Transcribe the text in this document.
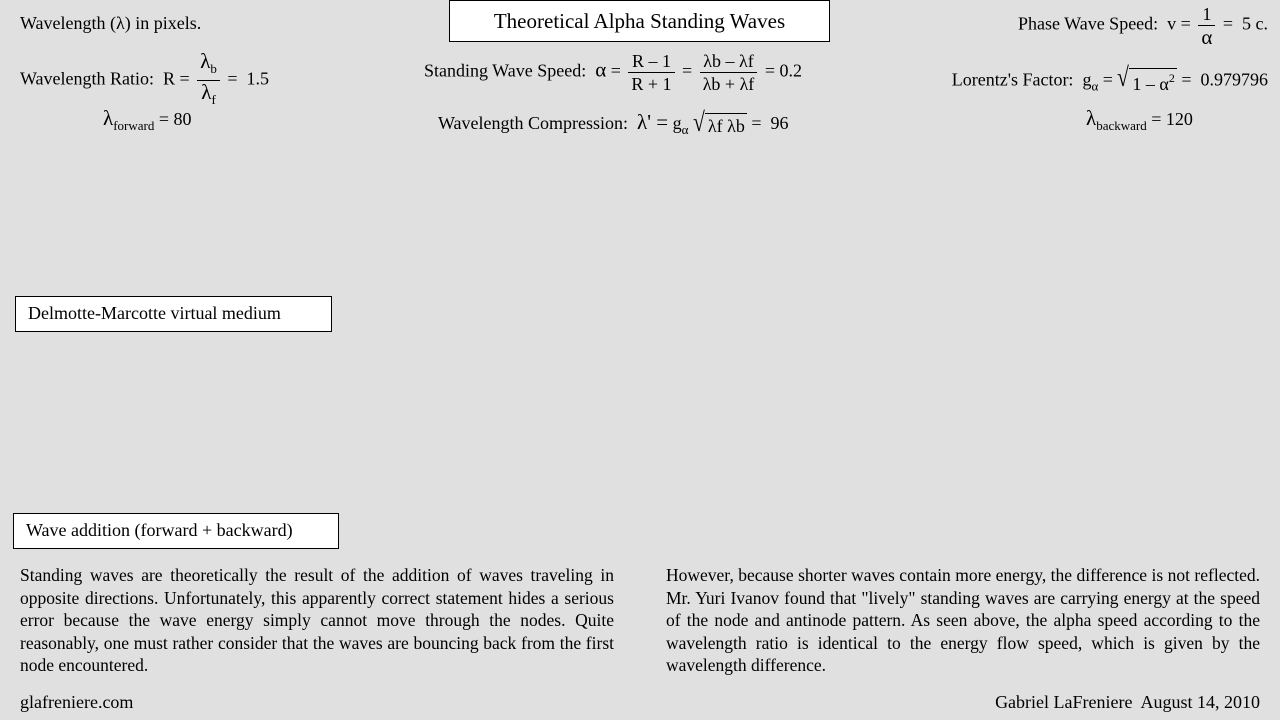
Theoretical Alpha Standing Waves
Wavelength (λ) in pixels.
Wavelength Ratio: $R = \frac{\lambda_b}{\lambda_f} = 1.5$
$\lambda_{forward} = 80$
Standing Wave Speed: $\alpha = \frac{R - 1}{R + 1} = \frac{\lambda b - \lambda f}{\lambda b + \lambda f} = 0.2$
Wavelength Compression: $\lambda' = g_\alpha$ √ λf λb =  96
Phase Wave Speed: $v = \frac{1}{\alpha} = 5$ c.
Lorentz's Factor: $g_\alpha$ = √ $1 - \alpha^2 = 0.979796$
$\lambda_{backward} = 120$
Delmotte-Marcotte virtual medium
Wave addition (forward + backward)
Standing waves are theoretically the result of the addition of waves traveling in opposite directions. Unfortunately, this apparently correct statement hides a serious error because the wave energy simply cannot move through the nodes. Quite reasonably, one must rather consider that the waves are bouncing back from the first node encountered.
However, because shorter waves contain more energy, the difference is not reflected. Mr. Yuri Ivanov found that "lively" standing waves are carrying energy at the speed of the node and antinode pattern. As seen above, the alpha speed according to the wavelength ratio is identical to the energy flow speed, which is given by the wavelength difference.
glafreniere.com	Gabriel LaFreniere  August 14, 2010
